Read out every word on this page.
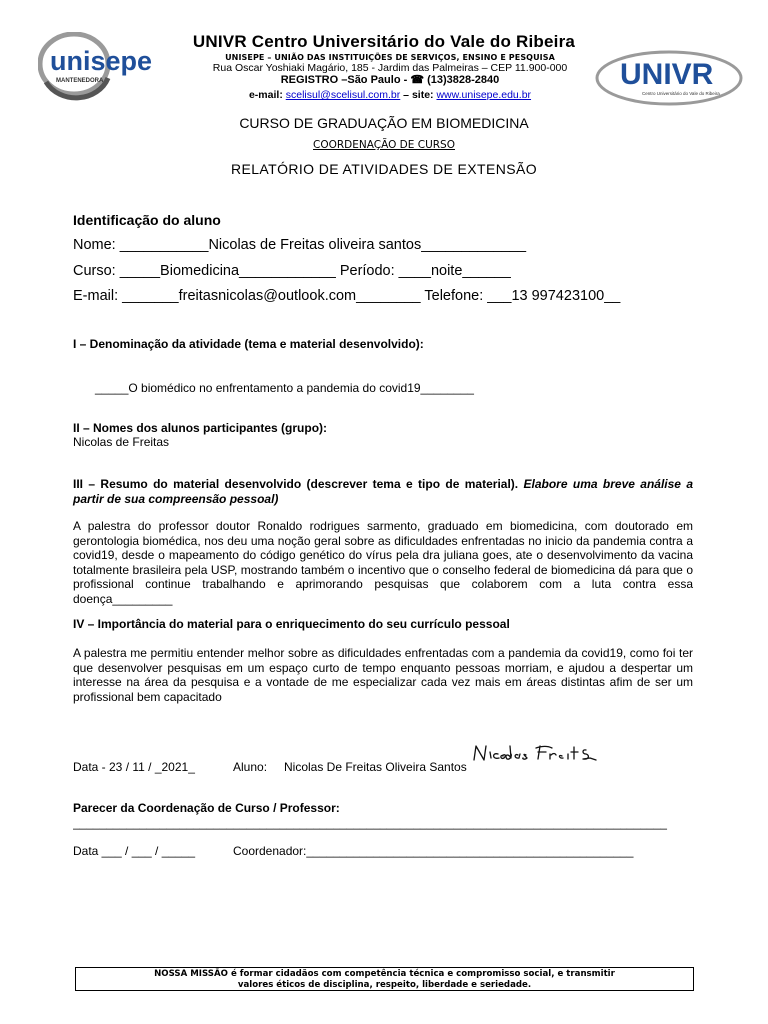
unisepe
MANTENEDORA
UNIVR Centro Universitário do Vale do Ribeira
UNISEPE – UNIÃO DAS INSTITUIÇÕES DE SERVIÇOS, ENSINO E PESQUISA
Rua Oscar Yoshiaki Magário, 185 - Jardim das Palmeiras – CEP 11.900-000
REGISTRO –São Paulo - ☎ (13)3828-2840
e-mail: scelisul@scelisul.com.br – site: www.unisepe.edu.br
UNIVR
Centro Universitário do Vale do Ribeira
CURSO DE GRADUAÇÃO EM BIOMEDICINA
COORDENAÇÃO DE CURSO
RELATÓRIO DE ATIVIDADES DE EXTENSÃO
Identificação do aluno
Nome: ___________Nicolas de Freitas oliveira santos_____________
Curso: _____Biomedicina____________ Período: ____noite______
E-mail: _______freitasnicolas@outlook.com________ Telefone: ___13 997423100__
I – Denominação da atividade (tema e material desenvolvido):
_____O biomédico no enfrentamento a pandemia do covid19________
II – Nomes dos alunos participantes (grupo):
Nicolas de Freitas
III – Resumo do material desenvolvido (descrever tema e tipo de material). Elabore uma breve análise a partir de sua compreensão pessoal)

A palestra do professor doutor Ronaldo rodrigues sarmento, graduado em biomedicina, com doutorado em gerontologia biomédica, nos deu uma noção geral sobre as dificuldades enfrentadas no inicio da pandemia contra a covid19, desde o mapeamento do código genético do vírus pela dra juliana goes, ate o desenvolvimento da vacina totalmente brasileira pela USP, mostrando também o incentivo que o conselho federal de biomedicina dá para que o profissional continue trabalhando e aprimorando pesquisas que colaborem com a luta contra essa doença_________

IV – Importância do material para o enriquecimento do seu currículo pessoal

A palestra me permitiu entender melhor sobre as dificuldades enfrentadas com a pandemia da covid19, como foi ter que desenvolver pesquisas em um espaço curto de tempo enquanto pessoas morriam, e ajudou a despertar um interesse na área da pesquisa e a vontade de me especializar cada vez mais em áreas distintas afim de ser um profissional bem capacitado

Data - 23 / 11 / _2021_	Aluno: Nicolas De Freitas Oliveira Santos
Parecer da Coordenação de Curso / Professor:
_________________________________________________________________________________________
Data ___ / ___ / _____	Coordenador:_________________________________________________
NOSSA MISSÃO é formar cidadãos com competência técnica e compromisso social, e transmitir
valores éticos de disciplina, respeito, liberdade e seriedade.
